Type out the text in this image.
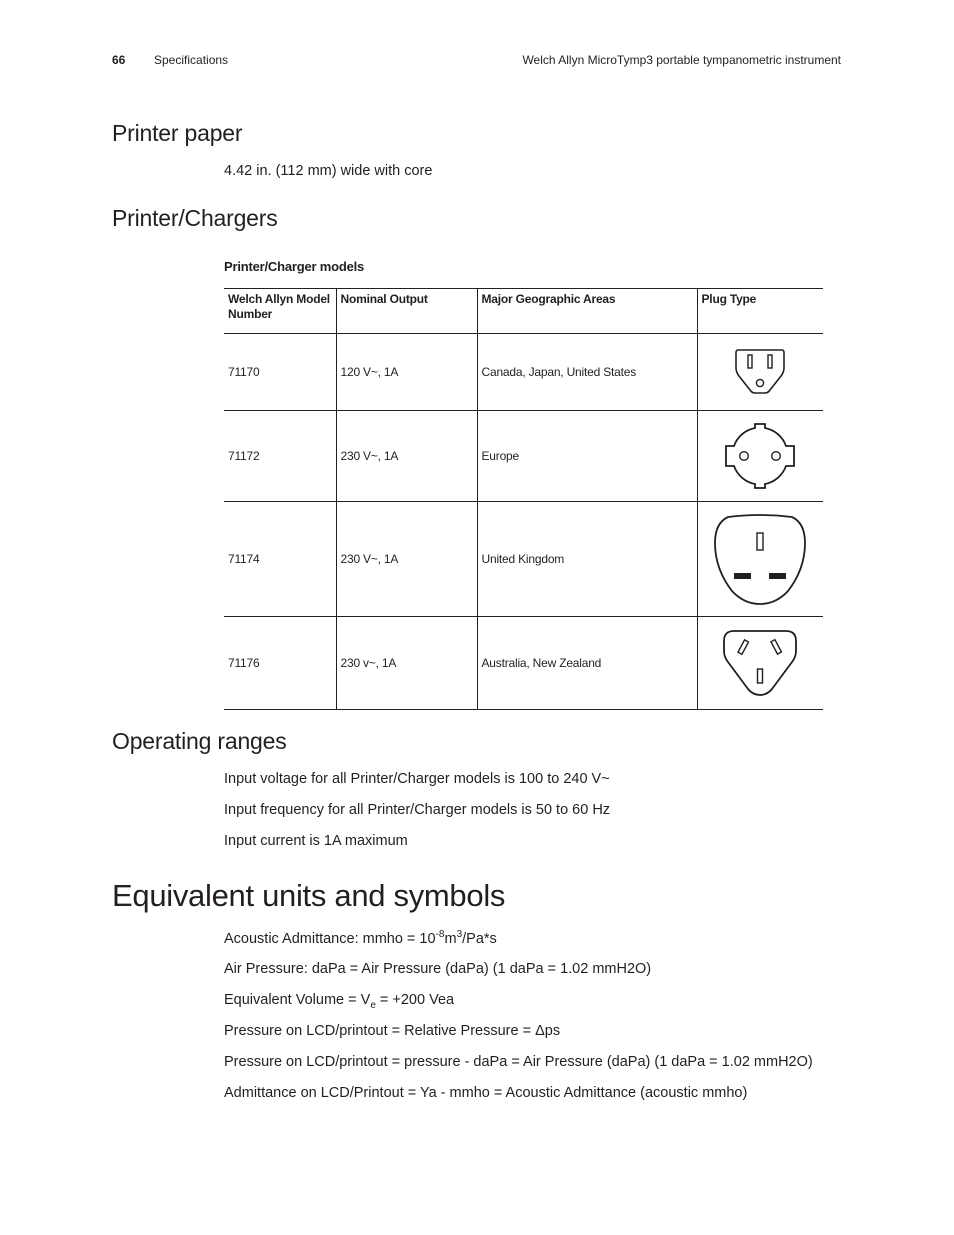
66 Specifications	Welch Allyn MicroTymp3 portable tympanometric instrument
Printer paper
4.42 in. (112 mm) wide with core
Printer/Chargers
Printer/Charger models
Welch Allyn Model Number	Nominal Output	Major Geographic Areas	Plug Type
71170	120 V~, 1A	Canada, Japan, United States	

71172	230 V~, 1A	Europe	

71174	230 V~, 1A	United Kingdom	

71176	230 v~, 1A	Australia, New Zealand	
Operating ranges
Input voltage for all Printer/Charger models is 100 to 240 V~
Input frequency for all Printer/Charger models is 50 to 60 Hz
Input current is 1A maximum
Equivalent units and symbols
Acoustic Admittance: mmho = $10^{-8}m^3/Pa*s$
Air Pressure: daPa = Air Pressure (daPa) (1 daPa = 1.02 mmH2O)
Equivalent Volume = $V_e = +200$ Vea
Pressure on LCD/printout = Relative Pressure = Δps
Pressure on LCD/printout = pressure - daPa = Air Pressure (daPa) (1 daPa = 1.02 mmH2O)
Admittance on LCD/Printout = Ya - mmho = Acoustic Admittance (acoustic mmho)
